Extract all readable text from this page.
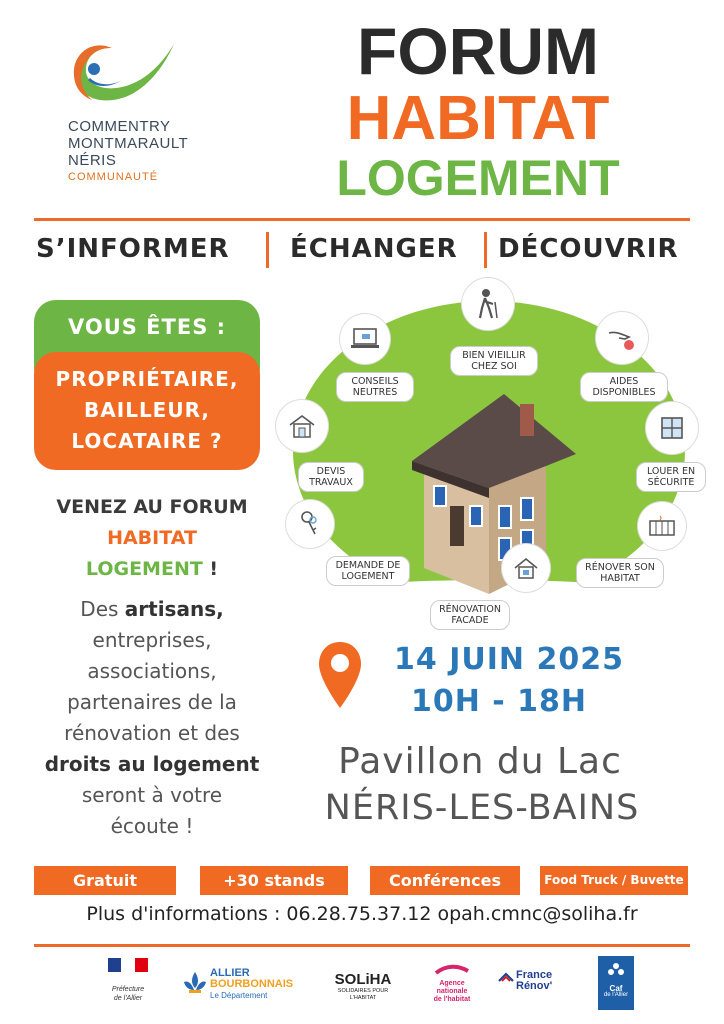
COMMENTRY
MONTMARAULT
NÉRIS
COMMUNAUTÉ
FORUM
HABITAT
LOGEMENT
S’INFORMER ÉCHANGER DÉCOUVRIR
VOUS ÊTES :
PROPRIÉTAIRE,
BAILLEUR,
LOCATAIRE ?
VENEZ AU FORUM
HABITAT
LOGEMENT !
Des artisans,
entreprises,
associations,
partenaires de la
rénovation et des
droits au logement
seront à votre
écoute !
CONSEILS
NEUTRES
BIEN VIEILLIR
CHEZ SOI
AIDES
DISPONIBLES
LOUER EN
SÉCURITE
RÉNOVER SON
HABITAT
RÉNOVATION
FACADE
DEMANDE DE
LOGEMENT
DEVIS
TRAVAUX
14 JUIN 2025
10H - 18H
Pavillon du Lac
NÉRIS-LES-BAINS
Gratuit	+30 stands	Conférences	Food Truck / Buvette
Plus d'informations : 06.28.75.37.12 opah.cmnc@soliha.fr
Préfecture
de l'Allier
ALLIER
BOURBONNAIS
Le Département
SOLiHA
SOLIDAIRES POUR L'HABITAT
Agence
nationale
de l'habitat
France
Rénov'	Caf
de l'Allier
